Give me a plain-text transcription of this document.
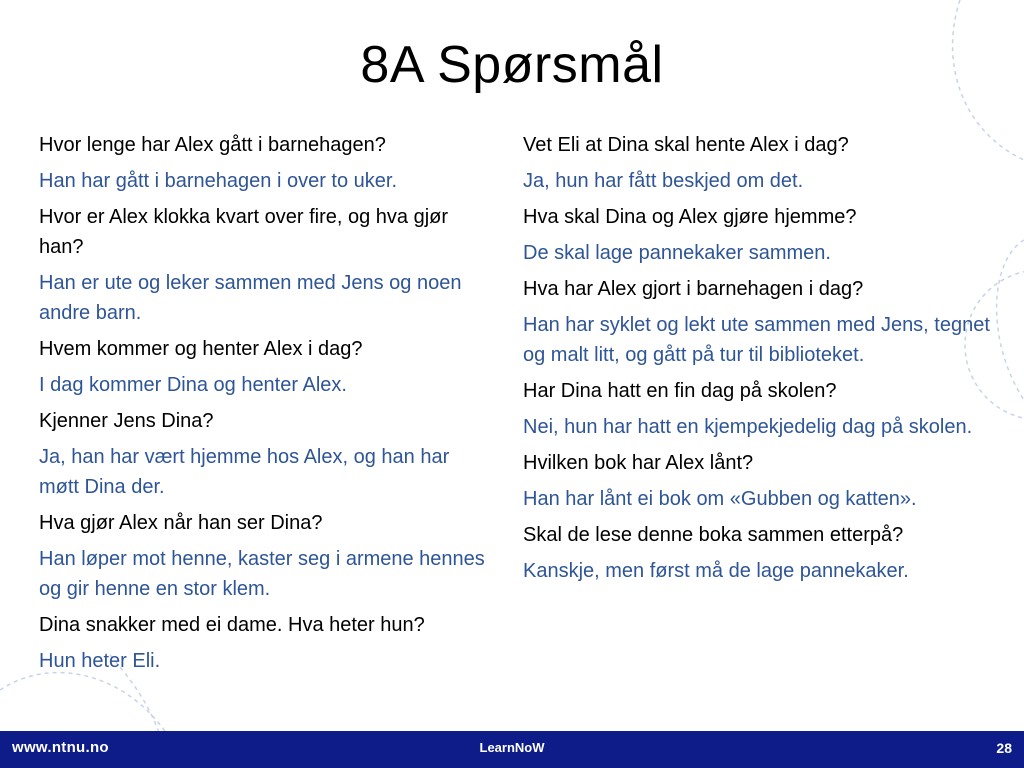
8A Spørsmål
Hvor lenge har Alex gått i barnehagen?
Han har gått i barnehagen i over to uker.
Hvor er Alex klokka kvart over fire, og hva gjør han?
Han er ute og leker sammen med Jens og noen andre barn.
Hvem kommer og henter Alex i dag?
I dag kommer Dina og henter Alex.
Kjenner Jens Dina?
Ja, han har vært hjemme hos Alex, og han har møtt Dina der.
Hva gjør Alex når han ser Dina?
Han løper mot henne, kaster seg i armene hennes og gir henne en stor klem.
Dina snakker med ei dame. Hva heter hun?
Hun heter Eli.
Vet Eli at Dina skal hente Alex i dag?
Ja, hun har fått beskjed om det.
Hva skal Dina og Alex gjøre hjemme?
De skal lage pannekaker sammen.
Hva har Alex gjort i barnehagen i dag?
Han har syklet og lekt ute sammen med Jens, tegnet og malt litt, og gått på tur til biblioteket.
Har Dina hatt en fin dag på skolen?
Nei, hun har hatt en kjempekjedelig dag på skolen.
Hvilken bok har Alex lånt?
Han har lånt ei bok om «Gubben og katten».
Skal de lese denne boka sammen etterpå?
Kanskje, men først må de lage pannekaker.
www.ntnu.no	LearnNoW	28
